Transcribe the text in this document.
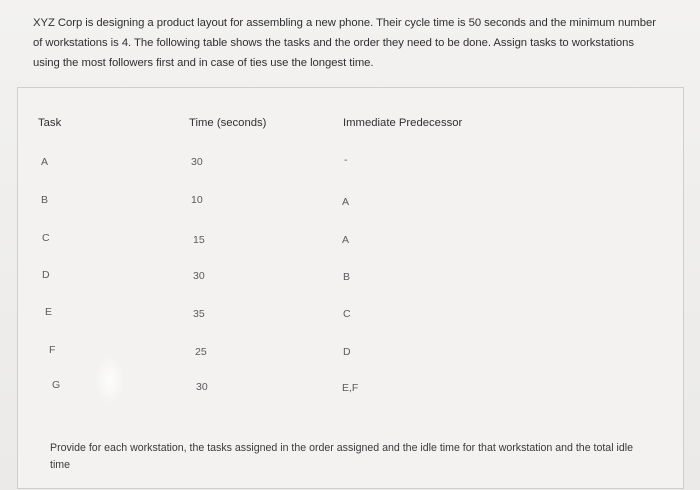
XYZ Corp is designing a product layout for assembling a new phone. Their cycle time is 50 seconds and the minimum number

of workstations is 4. The following table shows the tasks and the order they need to be done. Assign tasks to workstations

using the most followers first and in case of ties use the longest time.

Task	Time (seconds)	Immediate Predecessor
A	30	-
B	10	A
C	15	A
D	30	B
E	35	C
F	25	D
G	30	E,F

Provide for each workstation, the tasks assigned in the order assigned and the idle time for that workstation and the total idle

time
